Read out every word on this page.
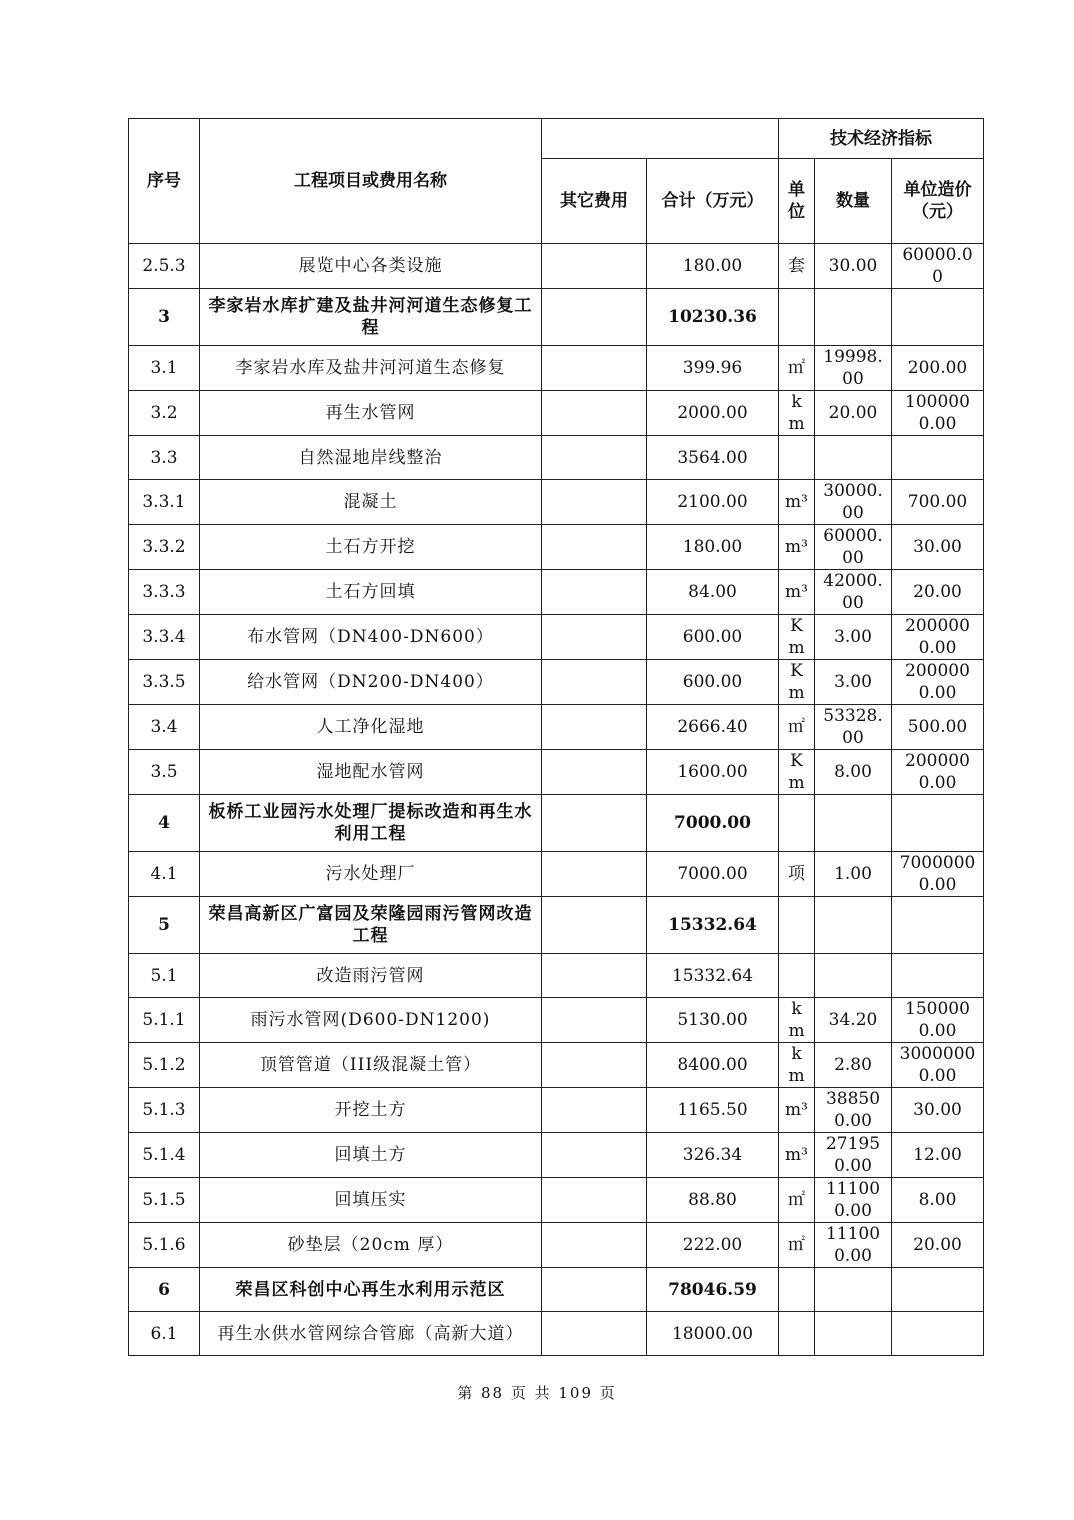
序号	工程项目或费用名称			技术经济指标		
		其它费用	合计（万元）	单位	数量	单位造价（元）
2.5.3	展览中心各类设施		180.00	套	30.00	60000.00
3	李家岩水库扩建及盐井河河道生态修复工程		10230.36			
3.1	李家岩水库及盐井河河道生态修复		399.96	㎡	19998.00	200.00
3.2	再生水管网		2000.00	km	20.00	1000000.00
3.3	自然湿地岸线整治		3564.00			
3.3.1	混凝土		2100.00	m³	30000.00	700.00
3.3.2	土石方开挖		180.00	m³	60000.00	30.00
3.3.3	土石方回填		84.00	m³	42000.00	20.00
3.3.4	布水管网（DN400-DN600）		600.00	Km	3.00	2000000.00
3.3.5	给水管网（DN200-DN400）		600.00	Km	3.00	2000000.00
3.4	人工净化湿地		2666.40	㎡	53328.00	500.00
3.5	湿地配水管网		1600.00	Km	8.00	2000000.00
4	板桥工业园污水处理厂提标改造和再生水利用工程		7000.00			
4.1	污水处理厂		7000.00	项	1.00	70000000.00
5	荣昌高新区广富园及荣隆园雨污管网改造工程		15332.64			
5.1	改造雨污管网		15332.64			
5.1.1	雨污水管网(D600-DN1200)		5130.00	km	34.20	1500000.00
5.1.2	顶管管道（III级混凝土管）		8400.00	km	2.80	30000000.00
5.1.3	开挖土方		1165.50	m³	388500.00	30.00
5.1.4	回填土方		326.34	m³	271950.00	12.00
5.1.5	回填压实		88.80	㎡	111000.00	8.00
5.1.6	砂垫层（20cm 厚）		222.00	㎡	111000.00	20.00
6	荣昌区科创中心再生水利用示范区		78046.59			
6.1	再生水供水管网综合管廊（高新大道）		18000.00			
第 88 页 共 109 页
